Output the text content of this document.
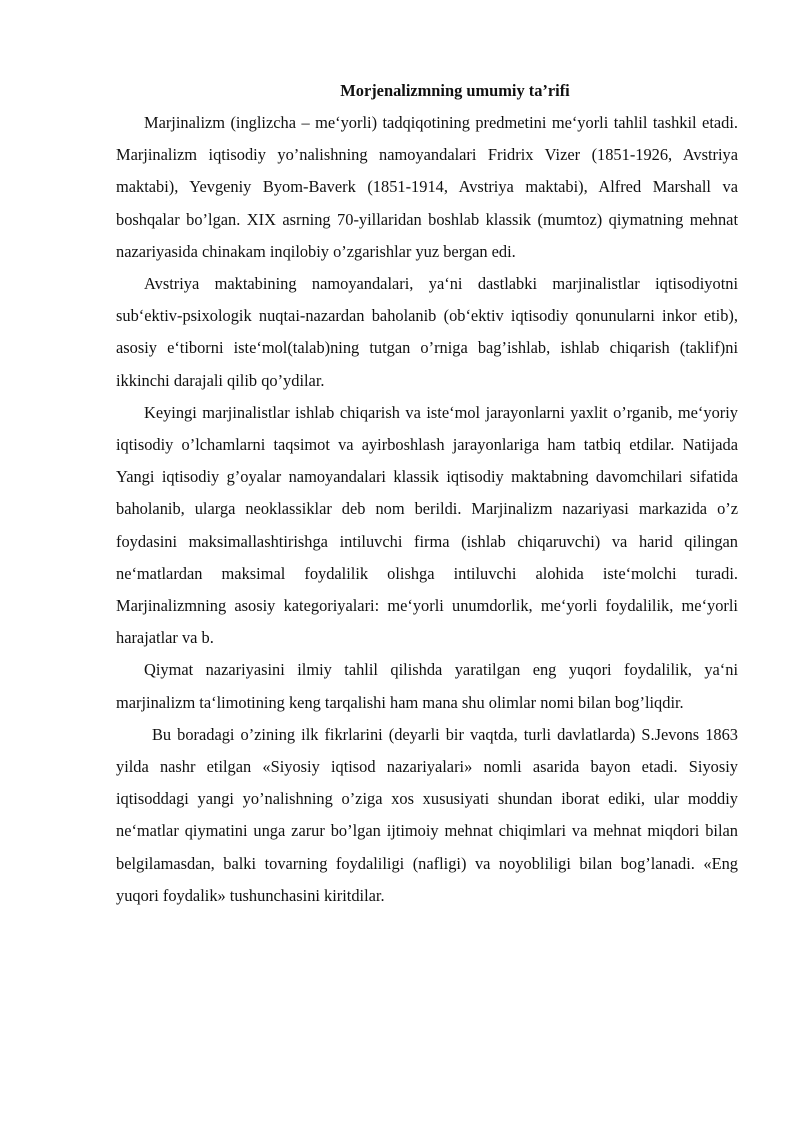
Morjenalizmning umumiy ta’rifi

Marjinalizm (inglizcha – me‘yorli) tadqiqotining predmetini me‘yorli tahlil tashkil etadi. Marjinalizm iqtisodiy yo’nalishning namoyandalari Fridrix Vizer (1851-1926, Avstriya maktabi), Yevgeniy Byom-Baverk (1851-1914, Avstriya maktabi), Alfred Marshall va boshqalar bo’lgan. XIX asrning 70-yillaridan boshlab klassik (mumtoz) qiymatning mehnat nazariyasida chinakam inqilobiy o’zgarishlar yuz bergan edi.

Avstriya maktabining namoyandalari, ya‘ni dastlabki marjinalistlar iqtisodiyotni sub‘ektiv-psixologik nuqtai-nazardan baholanib (ob‘ektiv iqtisodiy qonunularni inkor etib), asosiy e‘tiborni iste‘mol(talab)ning tutgan o’rniga bag’ishlab, ishlab chiqarish (taklif)ni ikkinchi darajali qilib qo’ydilar.

Keyingi marjinalistlar ishlab chiqarish va iste‘mol jarayonlarni yaxlit o’rganib, me‘yoriy iqtisodiy o’lchamlarni taqsimot va ayirboshlash jarayonlariga ham tatbiq etdilar. Natijada Yangi iqtisodiy g’oyalar namoyandalari klassik iqtisodiy maktabning davomchilari sifatida baholanib, ularga neoklassiklar deb nom berildi. Marjinalizm nazariyasi markazida o’z foydasini maksimallashtirishga intiluvchi firma (ishlab chiqaruvchi) va harid qilingan ne‘matlardan maksimal foydalilik olishga intiluvchi alohida iste‘molchi turadi. Marjinalizmning asosiy kategoriyalari: me‘yorli unumdorlik, me‘yorli foydalilik, me‘yorli harajatlar va b.

Qiymat nazariyasini ilmiy tahlil qilishda yaratilgan eng yuqori foydalilik, ya‘ni marjinalizm ta‘limotining keng tarqalishi ham mana shu olimlar nomi bilan bog’liqdir.

Bu boradagi o’zining ilk fikrlarini (deyarli bir vaqtda, turli davlatlarda) S.Jevons 1863 yilda nashr etilgan «Siyosiy iqtisod nazariyalari» nomli asarida bayon etadi. Siyosiy iqtisoddagi yangi yo’nalishning o’ziga xos xususiyati shundan iborat ediki, ular moddiy ne‘matlar qiymatini unga zarur bo’lgan ijtimoiy mehnat chiqimlari va mehnat miqdori bilan belgilamasdan, balki tovarning foydaliligi (nafligi) va noyobliligi bilan bog’lanadi. «Eng yuqori foydalik» tushunchasini kiritdilar.
